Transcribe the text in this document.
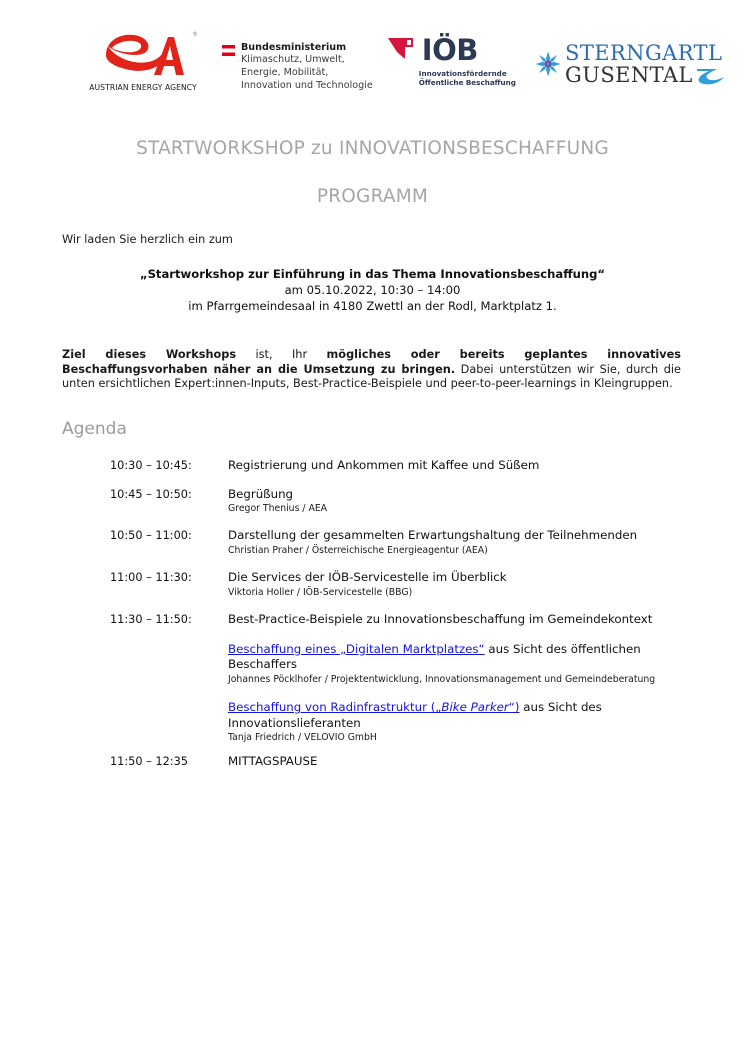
®
AUSTRIAN ENERGY AGENCY
Bundesministerium
Klimaschutz, Umwelt,
Energie, Mobilität,
Innovation und Technologie
IÖB
Innovationsfördernde
Öffentliche Beschaffung
STERNGARTL
GUSENTAL
STARTWORKSHOP zu INNOVATIONSBESCHAFFUNG
PROGRAMM
Wir laden Sie herzlich ein zum
„Startworkshop zur Einführung in das Thema Innovationsbeschaffung“
am 05.10.2022, 10:30 – 14:00
im Pfarrgemeindesaal in 4180 Zwettl an der Rodl, Marktplatz 1.

Ziel dieses Workshops ist, Ihr mögliches oder bereits geplantes innovatives Beschaffungsvorhaben näher an die Umsetzung zu bringen. Dabei unterstützen wir Sie, durch die unten ersichtlichen Expert:innen-Inputs, Best-Practice-Beispiele und peer-to-peer-learnings in Kleingruppen.

Agenda
10:30 – 10:45:	Registrierung und Ankommen mit Kaffee und Süßem
10:45 – 10:50:	Begrüßung
Gregor Thenius / AEA
10:50 – 11:00:	Darstellung der gesammelten Erwartungshaltung der Teilnehmenden
Christian Praher / Österreichische Energieagentur (AEA)
11:00 – 11:30:	Die Services der IÖB-Servicestelle im Überblick
Viktoria Holler / IÖB-Servicestelle (BBG)
11:30 – 11:50:	Best-Practice-Beispiele zu Innovationsbeschaffung im Gemeindekontext
Beschaffung eines „Digitalen Marktplatzes“ aus Sicht des öffentlichen Beschaffers
Johannes Pöcklhofer / Projektentwicklung, Innovationsmanagement und Gemeindeberatung
Beschaffung von Radinfrastruktur („Bike Parker“) aus Sicht des Innovationslieferanten
Tanja Friedrich / VELOVIO GmbH
11:50 – 12:35	MITTAGSPAUSE
